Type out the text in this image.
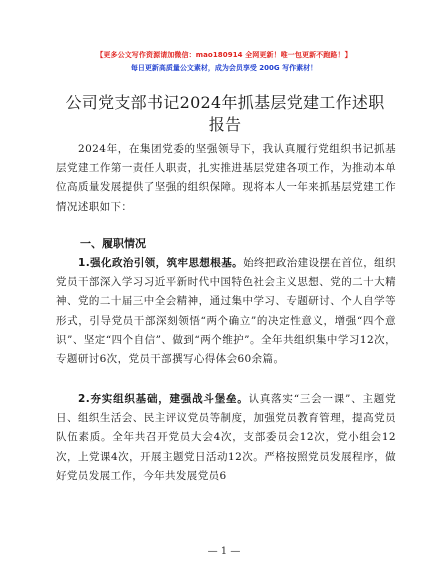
【更多公文写作资源请加微信：mao180914 全网更新！唯一包更新不跑路！】
每日更新高质量公文素材，成为会员享受 200G 写作素材！
公司党支部书记2024年抓基层党建工作述职报告
2024年，在集团党委的坚强领导下，我认真履行党组织书记抓基层党建工作第一责任人职责，扎实推进基层党建各项工作，为推动本单位高质量发展提供了坚强的组织保障。现将本人一年来抓基层党建工作情况述职如下：
一、履职情况
1.强化政治引领，筑牢思想根基。始终把政治建设摆在首位，组织党员干部深入学习习近平新时代中国特色社会主义思想、党的二十大精神、党的二十届三中全会精神，通过集中学习、专题研讨、个人自学等形式，引导党员干部深刻领悟“两个确立”的决定性意义，增强“四个意识”、坚定“四个自信”、做到“两个维护”。全年共组织集中学习12次，专题研讨6次，党员干部撰写心得体会60余篇。
2.夯实组织基础，建强战斗堡垒。认真落实“三会一课”、主题党日、组织生活会、民主评议党员等制度，加强党员教育管理，提高党员队伍素质。全年共召开党员大会4次，支部委员会12次，党小组会12次，上党课4次，开展主题党日活动12次。严格按照党员发展程序，做好党员发展工作，今年共发展党员6
— 1 —
